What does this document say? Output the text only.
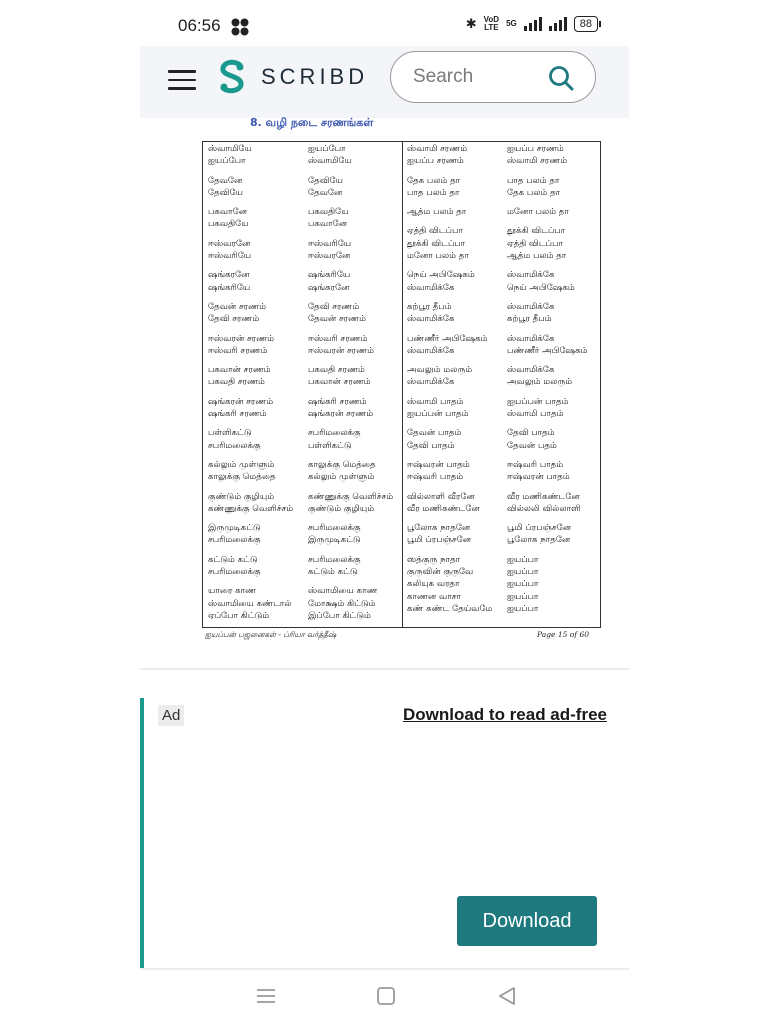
06:56	✱ VoD
LTE 5G	88
SCRIBD
Search
8. வழி நடை சரணங்கள்
ஸ்வாமியே	ஐயப்போ
ஐயப்போ	ஸ்வாமியே
தேவனே	தேவியே
தேவியே	தேவனே
பகவானே	பகவதியே
பகவதியே	பகவானே
ஈஸ்வரனே	ஈஸ்வரியே
ஈஸ்வரியே	ஈஸ்வரனே
ஷங்கரனே	ஷங்கரியே
ஷங்கரியே	ஷங்கரனே
தேவன் சரணம்	தேவி சரணம்
தேவி சரணம்	தேவன் சரணம்
ஈஸ்வரன் சரணம்	ஈஸ்வரி சரணம்
ஈஸ்வரி சரணம்	ஈஸ்வரன் சரணம்
பகவான் சரணம்	பகவதி சரணம்
பகவதி சரணம்	பகவான் சரணம்
ஷங்கரன் சரணம்	ஷங்கரி சரணம்
ஷங்கரி சரணம்	ஷங்கரன் சரணம்
பள்ளிகட்டு	சபரிமலைக்கு
சபரிமலைக்கு	பள்ளிகட்டு
கல்லும் முள்ளும்	காலுக்கு மெத்தை
காலுக்கு மெத்தை	கல்லும் முள்ளும்
குண்டும் குழியும்	கண்ணுக்கு வெளிச்சம்
கண்ணுக்கு வெளிச்சம்	குண்டும் குழியும்
இருமுடிகட்டு	சபரிமலைக்கு
சபரிமலைக்கு	இருமுடிகட்டு
கட்டும் கட்டு	சபரிமலைக்கு
சபரிமலைக்கு	கட்டும் கட்டு
யாரை காண	ஸ்வாமியை காண
ஸ்வாமியை கண்டால்	மோக்ஷம் கிட்டும்
ஏப்போ கிட்டும்	இப்போ கிட்டும்
ஸ்வாமி சரணம்	ஐயப்ப சரணம்
ஐயப்ப சரணம்	ஸ்வாமி சரணம்
தேக பலம் தா	பாத பலம் தா
பாத பலம் தா	தேக பலம் தா
ஆத்ம பலம் தா	மனோ பலம் தா
ஏத்தி விடப்பா	தூக்கி விடப்பா
தூக்கி விடப்பா	ஏத்தி விடப்பா
மனோ பலம் தா	ஆத்ம பலம் தா
நெய் அபிஷேகம்	ஸ்வாமிக்கே
ஸ்வாமிக்கே	நெய் அபிஷேகம்
கற்பூர தீபம்	ஸ்வாமிக்கே
ஸ்வாமிக்கே	கற்பூர தீபம்
பண்ணீர் அபிஷேகம்	ஸ்வாமிக்கே
ஸ்வாமிக்கே	பண்ணீர் அபிஷேகம்
அவலும் மலரும்	ஸ்வாமிக்கே
ஸ்வாமிக்கே	அவலும் மலரும்
ஸ்வாமி பாதம்	ஐயப்பன் பாதம்
ஐயப்பன் பாதம்	ஸ்வாமி பாதம்
தேவன் பாதம்	தேவி பாதம்
தேவி பாதம்	தேவன் பதம்
ஈஷ்வரன் பாதம்	ஈஷ்வரி பாதம்
ஈஷ்வரி பாதம்	ஈஷ்வரன் பாதம்
வில்லாளி வீரனே	வீர மணிகண்டனே
வீர மணிகண்டனே	வில்லலி வில்லாளி
பூலோக நாதனே	பூமி ப்ரபஞ்சனே
பூமி ப்ரபஞ்சனே	பூலோக நாதனே
ஸத்குரு நாதா	ஐயப்பா
குருவின் குருவே	ஐயப்பா
கலியுக வரதா	ஐயப்பா
காணன வாசா	ஐயப்பா
கண் கண்ட தேய்வமே	ஐயப்பா
ஐயப்பன் பஜனைகள் - ப்ரியா வர்த்தீஷ்	Page 15 of 60
Ad	Download to read ad-free
Download
